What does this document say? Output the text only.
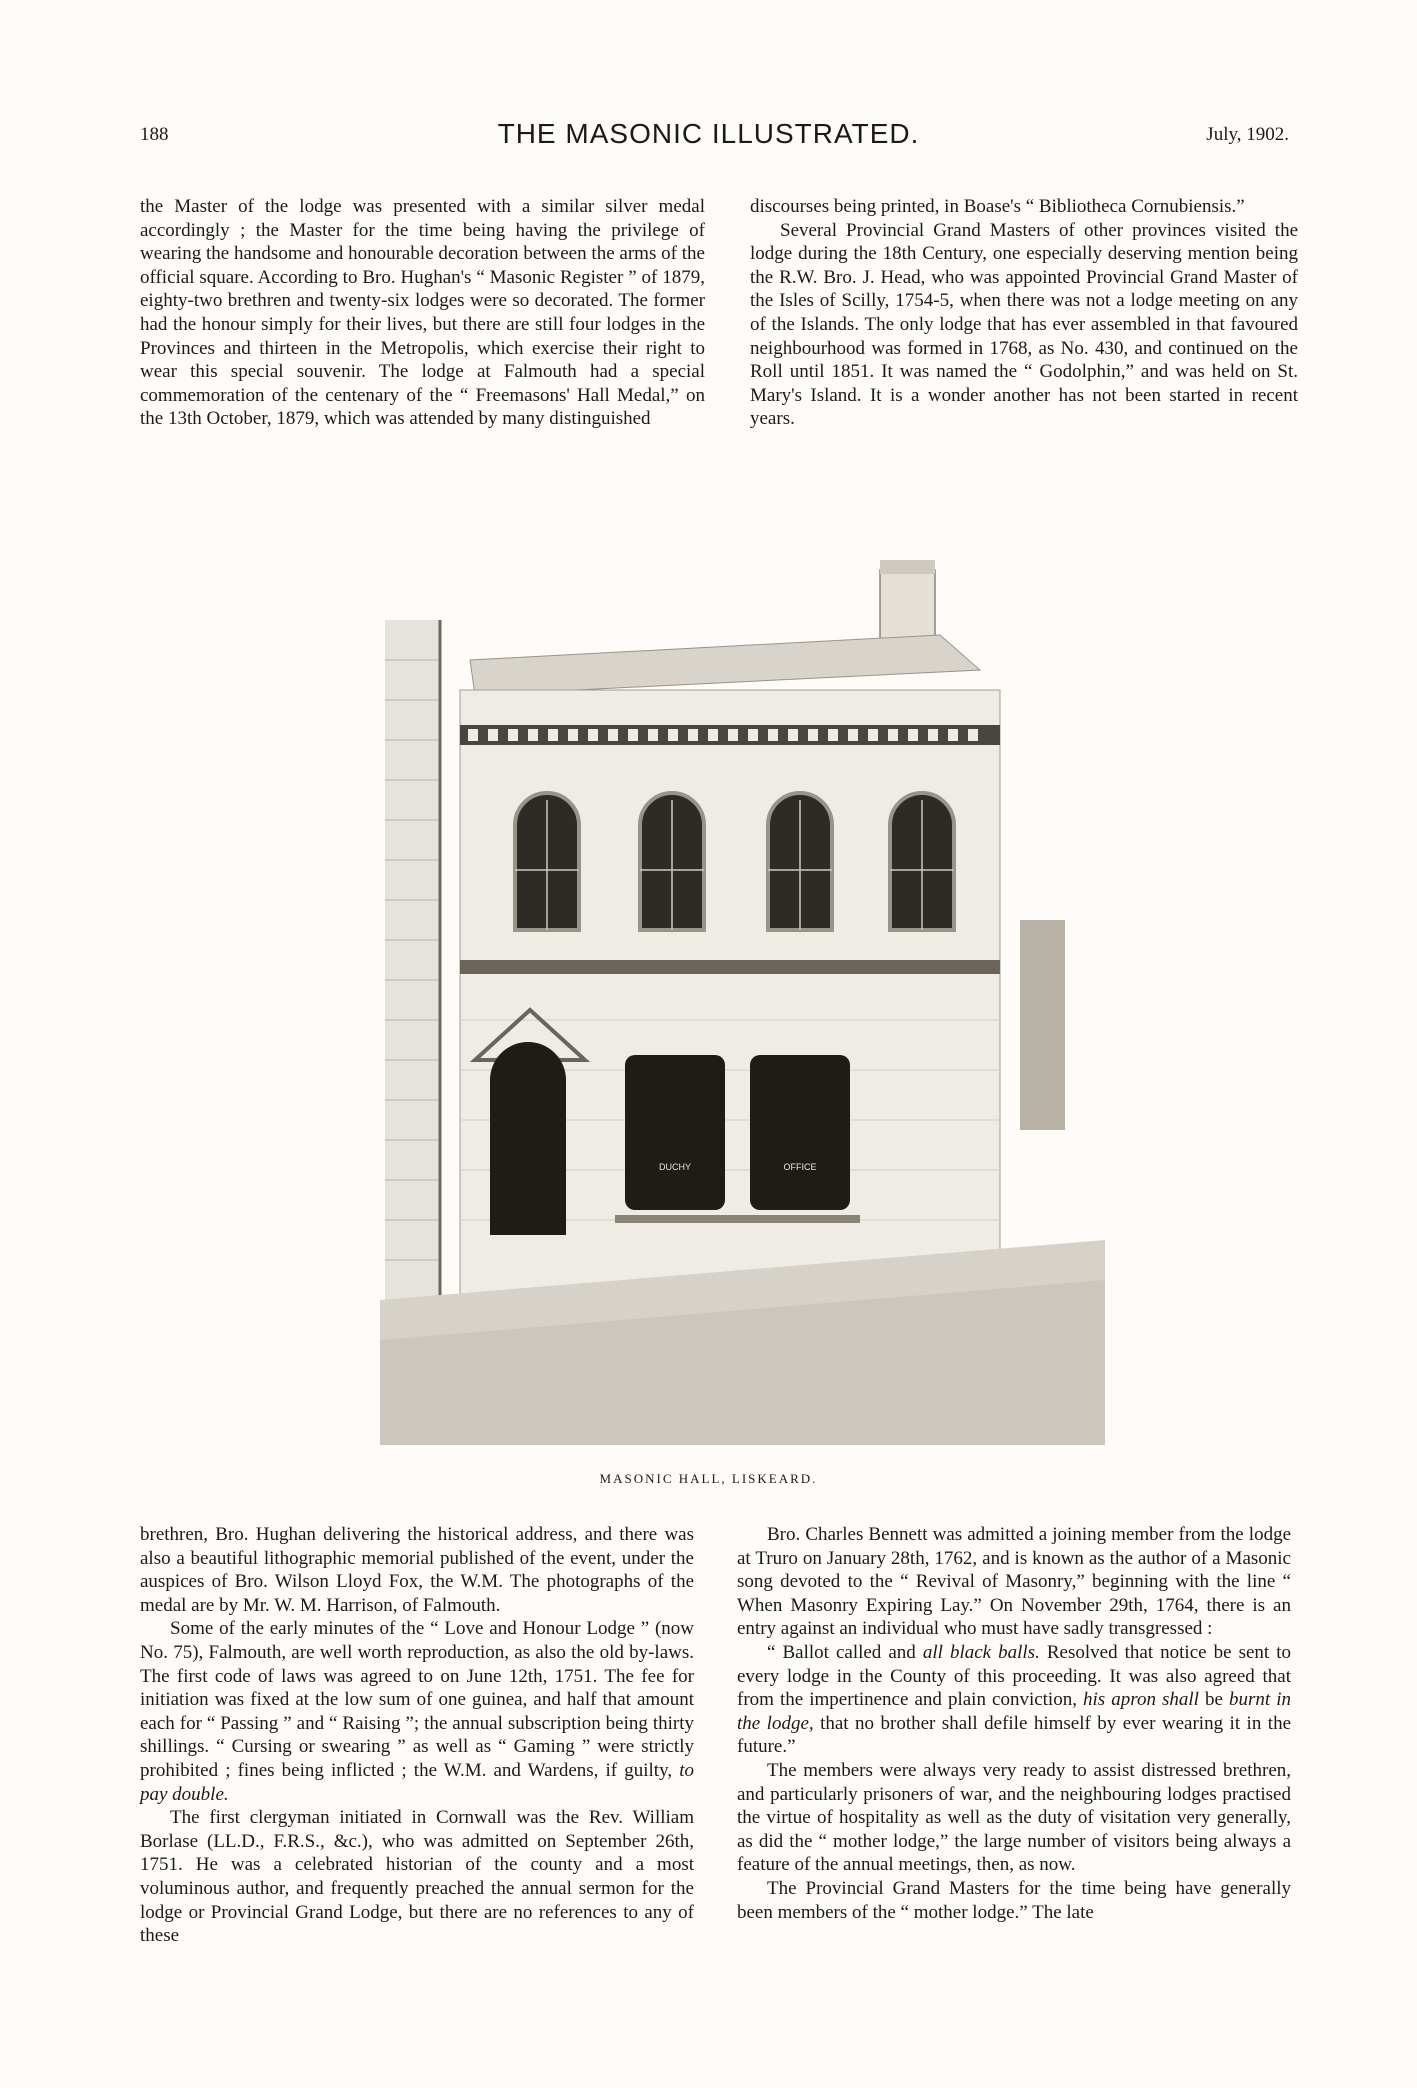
188	THE MASONIC ILLUSTRATED.	July, 1902.

the Master of the lodge was presented with a similar silver medal accordingly ; the Master for the time being having the privilege of wearing the handsome and honourable decoration between the arms of the official square. According to Bro. Hughan's “ Masonic Register ” of 1879, eighty-two brethren and twenty-six lodges were so decorated. The former had the honour simply for their lives, but there are still four lodges in the Provinces and thirteen in the Metropolis, which exercise their right to wear this special souvenir. The lodge at Falmouth had a special commemoration of the centenary of the “ Freemasons' Hall Medal,” on the 13th October, 1879, which was attended by many distinguished

discourses being printed, in Boase's “ Bibliotheca Cornubiensis.”

Several Provincial Grand Masters of other provinces visited the lodge during the 18th Century, one especially deserving mention being the R.W. Bro. J. Head, who was appointed Provincial Grand Master of the Isles of Scilly, 1754-5, when there was not a lodge meeting on any of the Islands. The only lodge that has ever assembled in that favoured neighbourhood was formed in 1768, as No. 430, and continued on the Roll until 1851. It was named the “ Godolphin,” and was held on St. Mary's Island. It is a wonder another has not been started in recent years.

DUCHY	OFFICE
MASONIC HALL, LISKEARD.

brethren, Bro. Hughan delivering the historical address, and there was also a beautiful lithographic memorial published of the event, under the auspices of Bro. Wilson Lloyd Fox, the W.M. The photographs of the medal are by Mr. W. M. Harrison, of Falmouth.

Some of the early minutes of the “ Love and Honour Lodge ” (now No. 75), Falmouth, are well worth reproduction, as also the old by-laws. The first code of laws was agreed to on June 12th, 1751. The fee for initiation was fixed at the low sum of one guinea, and half that amount each for “ Passing ” and “ Raising ”; the annual subscription being thirty shillings. “ Cursing or swearing ” as well as “ Gaming ” were strictly prohibited ; fines being inflicted ; the W.M. and Wardens, if guilty, to pay double.

The first clergyman initiated in Cornwall was the Rev. William Borlase (LL.D., F.R.S., &c.), who was admitted on September 26th, 1751. He was a celebrated historian of the county and a most voluminous author, and frequently preached the annual sermon for the lodge or Provincial Grand Lodge, but there are no references to any of these

Bro. Charles Bennett was admitted a joining member from the lodge at Truro on January 28th, 1762, and is known as the author of a Masonic song devoted to the “ Revival of Masonry,” beginning with the line “ When Masonry Expiring Lay.” On November 29th, 1764, there is an entry against an individual who must have sadly transgressed :

“ Ballot called and all black balls. Resolved that notice be sent to every lodge in the County of this proceeding. It was also agreed that from the impertinence and plain conviction, his apron shall be burnt in the lodge, that no brother shall defile himself by ever wearing it in the future.”

The members were always very ready to assist distressed brethren, and particularly prisoners of war, and the neighbouring lodges practised the virtue of hospitality as well as the duty of visitation very generally, as did the “ mother lodge,” the large number of visitors being always a feature of the annual meetings, then, as now.

The Provincial Grand Masters for the time being have generally been members of the “ mother lodge.” The late
